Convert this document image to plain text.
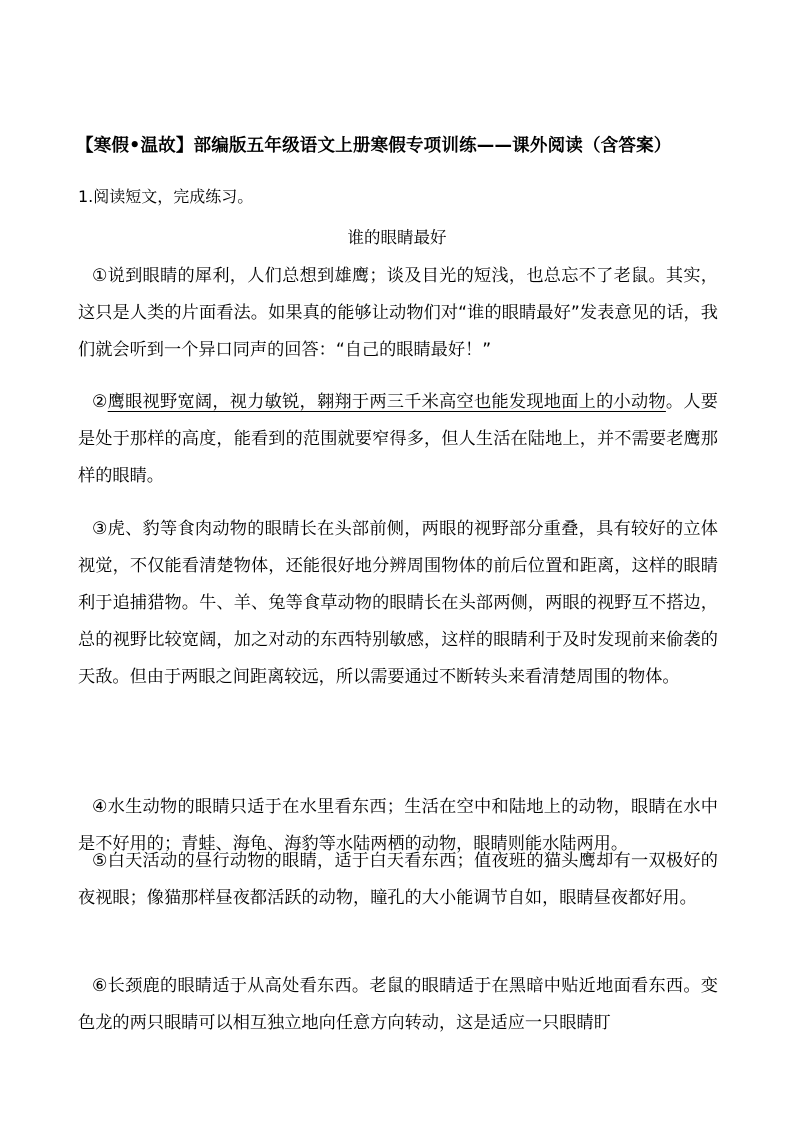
【寒假•温故】部编版五年级语文上册寒假专项训练——课外阅读（含答案）
1.阅读短文，完成练习。
谁的眼睛最好

①说到眼睛的犀利，人们总想到雄鹰；谈及目光的短浅，也总忘不了老鼠。其实，这只是人类的片面看法。如果真的能够让动物们对“谁的眼睛最好”发表意见的话，我们就会听到一个异口同声的回答：“自己的眼睛最好！”

②鹰眼视野宽阔，视力敏锐，翱翔于两三千米高空也能发现地面上的小动物。人要是处于那样的高度，能看到的范围就要窄得多，但人生活在陆地上，并不需要老鹰那样的眼睛。

③虎、豹等食肉动物的眼睛长在头部前侧，两眼的视野部分重叠，具有较好的立体视觉，不仅能看清楚物体，还能很好地分辨周围物体的前后位置和距离，这样的眼睛利于追捕猎物。牛、羊、兔等食草动物的眼睛长在头部两侧，两眼的视野互不搭边，总的视野比较宽阔，加之对动的东西特别敏感，这样的眼睛利于及时发现前来偷袭的天敌。但由于两眼之间距离较远，所以需要通过不断转头来看清楚周围的物体。

④水生动物的眼睛只适于在水里看东西；生活在空中和陆地上的动物，眼睛在水中是不好用的；青蛙、海龟、海豹等水陆两栖的动物，眼睛则能水陆两用。

⑤白天活动的昼行动物的眼睛，适于白天看东西；值夜班的猫头鹰却有一双极好的夜视眼；像猫那样昼夜都活跃的动物，瞳孔的大小能调节自如，眼睛昼夜都好用。

⑥长颈鹿的眼睛适于从高处看东西。老鼠的眼睛适于在黑暗中贴近地面看东西。变色龙的两只眼睛可以相互独立地向任意方向转动，这是适应一只眼睛盯
